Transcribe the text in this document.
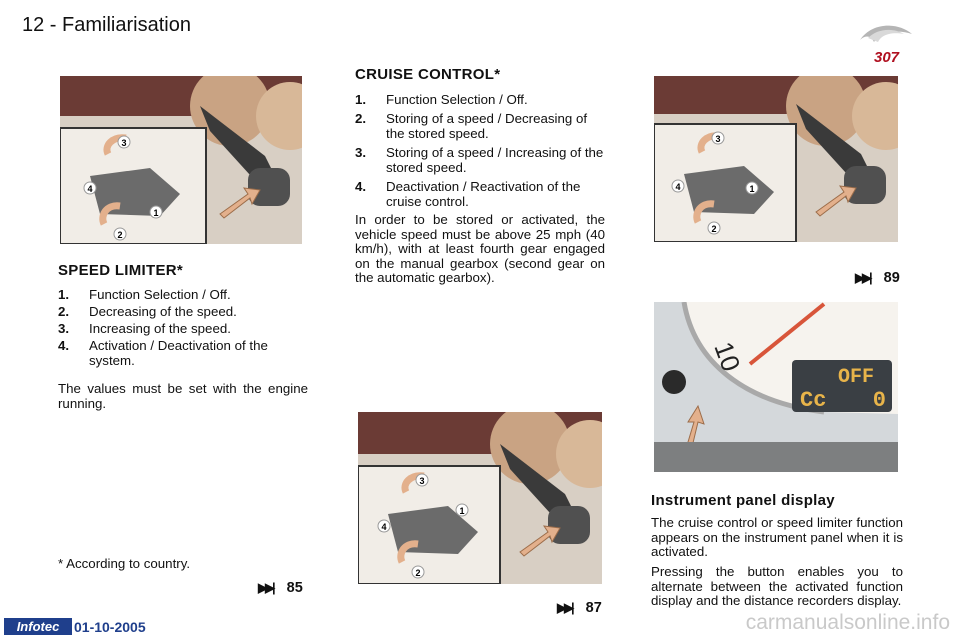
12 - Familiarisation
307
3
2
4
1
SPEED LIMITER*
1.	Function Selection / Off.
2.	Decreasing of the speed.
3.	Increasing of the speed.
4.	Activation / Deactivation of the system.

The values must be set with the engine running.

* According to country.
▶▶| 85
CRUISE CONTROL*
1.	Function Selection / Off.
2.	Storing of a speed / Decreasing of the stored speed.
3.	Storing of a speed / Increasing of the stored speed.
4.	Deactivation / Reactivation of the cruise control.

In order to be stored or activated, the vehicle speed must be above 25 mph (40 km/h), with at least fourth gear engaged on the manual gearbox (second gear on the automatic gearbox).

3
2
4
1
▶▶| 87
3
2
4	1
▶▶| 89
10
OFF
Cc 0
Instrument panel display

The cruise control or speed limiter function appears on the instrument panel when it is activated.

Pressing the button enables you to alternate between the activated function display and the distance recorders display.

Infotec	01-10-2005	carmanualsonline.info
